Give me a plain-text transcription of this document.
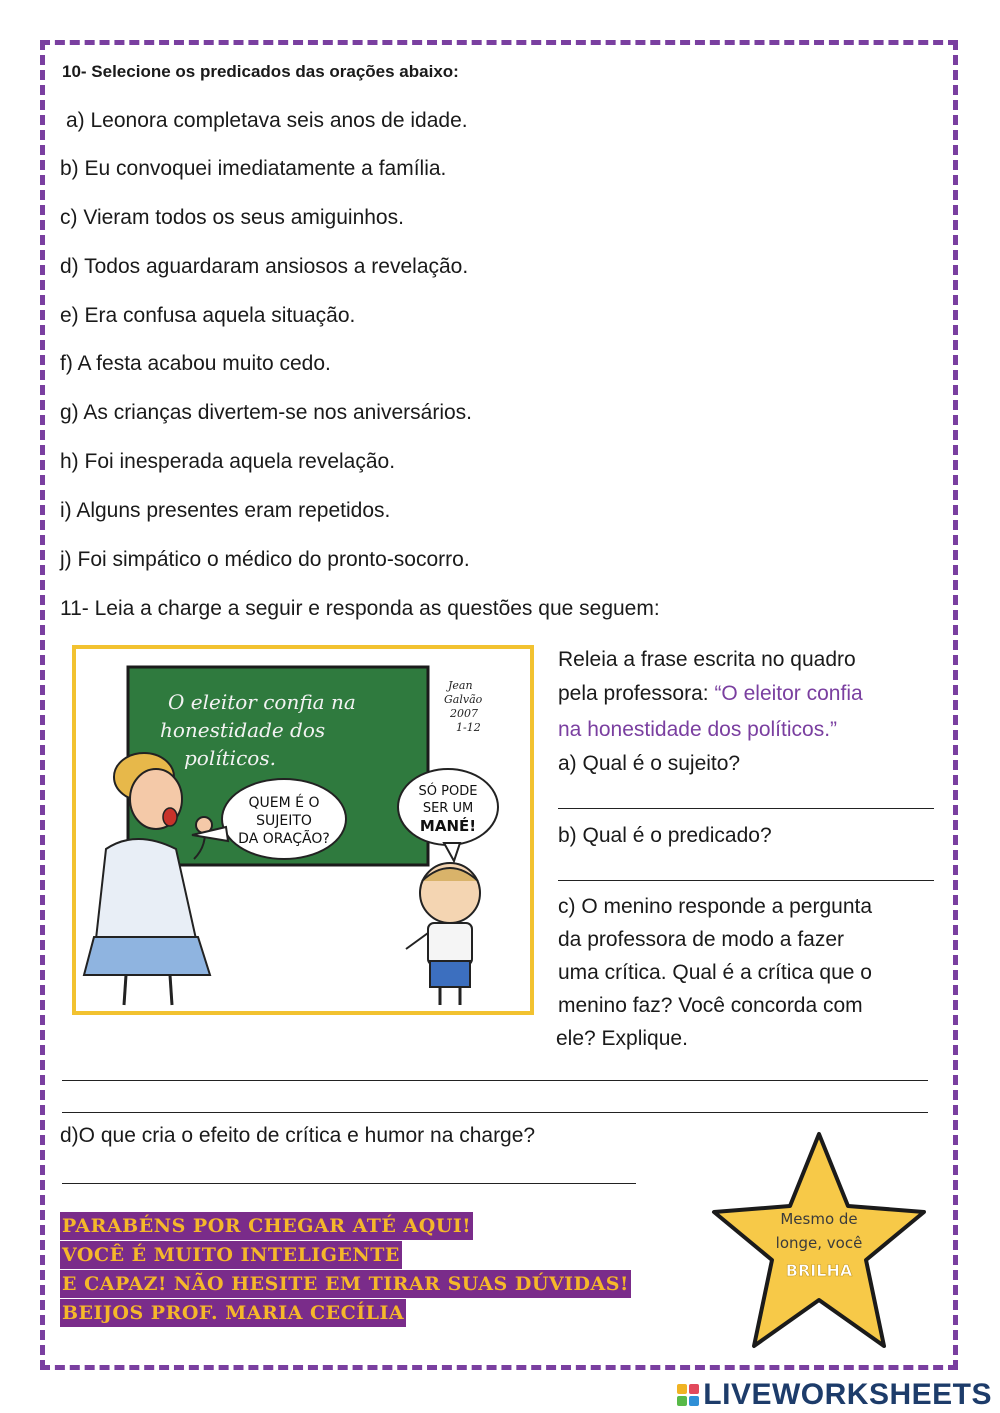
10- Selecione os predicados das orações abaixo:
a) Leonora completava seis anos de idade.
b) Eu convoquei imediatamente a família.
c) Vieram todos os seus amiguinhos.
d) Todos aguardaram ansiosos a revelação.
e) Era confusa aquela situação.
f) A festa acabou muito cedo.
g) As crianças divertem-se nos aniversários.
h) Foi inesperada aquela revelação.
i) Alguns presentes eram repetidos.
j) Foi simpático o médico do pronto-socorro.
11- Leia a charge a seguir e responda as questões que seguem:
O eleitor confia na
honestidade dos
políticos.
Jean
Galvão
2007
1-12
QUEM É O
SUJEITO
DA ORAÇÃO?
SÓ PODE
SER UM
MANÉ!
Releia a frase escrita no quadro
pela professora: “O eleitor confia
na honestidade dos políticos.”
a) Qual é o sujeito?
b) Qual é o predicado?
c) O menino responde a pergunta
da professora de modo a fazer
uma crítica. Qual é a crítica que o
menino faz? Você concorda com
ele? Explique.
d)O que cria o efeito de crítica e humor na charge?
PARABÉNS POR CHEGAR ATÉ AQUI!
VOCÊ É MUITO INTELIGENTE
E CAPAZ! NÃO HESITE EM TIRAR SUAS DÚVIDAS!
BEIJOS PROF. MARIA CECÍLIA
Mesmo de
longe, você
BRILHA
LIVEWORKSHEETS
